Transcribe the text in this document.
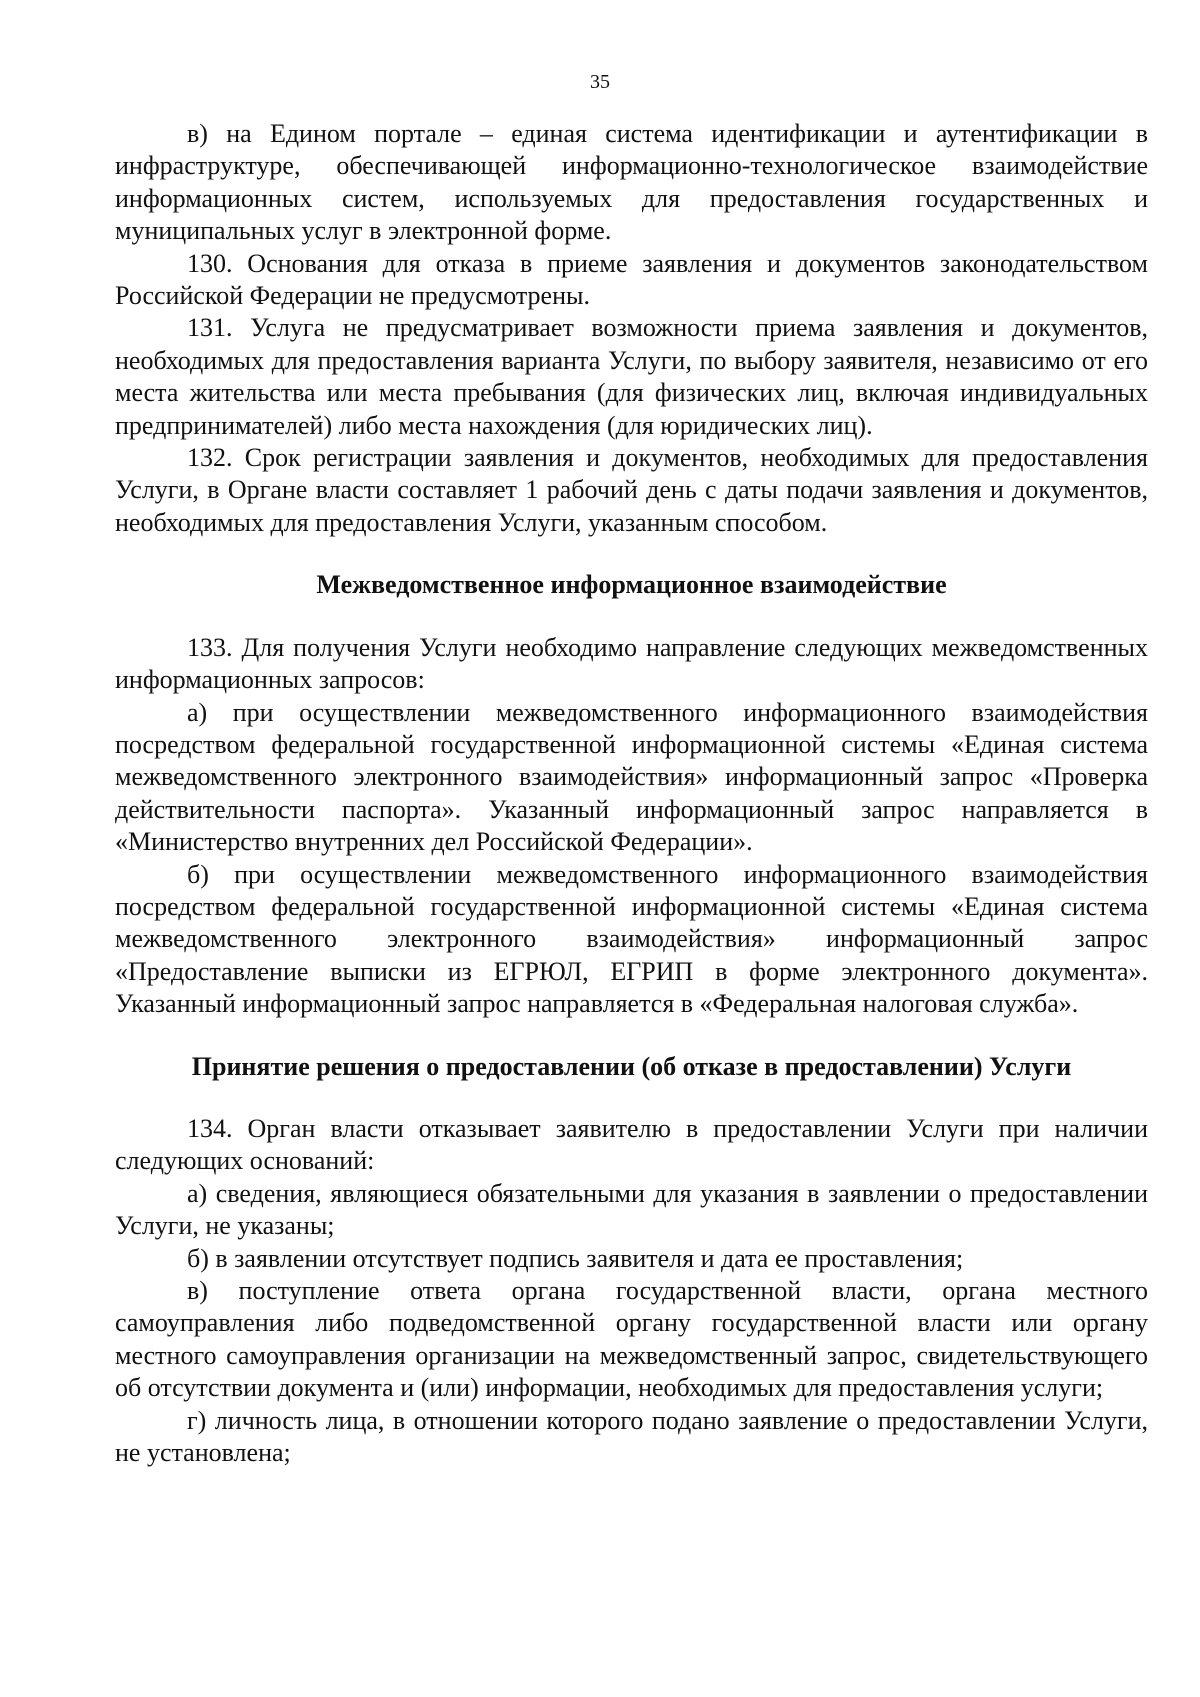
35

в) на Едином портале – единая система идентификации и аутентификации в инфраструктуре, обеспечивающей информационно-технологическое взаимодействие информационных систем, используемых для предоставления государственных и муниципальных услуг в электронной форме.

130. Основания для отказа в приеме заявления и документов законодательством Российской Федерации не предусмотрены.

131. Услуга не предусматривает возможности приема заявления и документов, необходимых для предоставления варианта Услуги, по выбору заявителя, независимо от его места жительства или места пребывания (для физических лиц, включая индивидуальных предпринимателей) либо места нахождения (для юридических лиц).

132. Срок регистрации заявления и документов, необходимых для предоставления Услуги, в Органе власти составляет 1 рабочий день с даты подачи заявления и документов, необходимых для предоставления Услуги, указанным способом.

Межведомственное информационное взаимодействие

133. Для получения Услуги необходимо направление следующих межведомственных информационных запросов:

а) при осуществлении межведомственного информационного взаимодействия посредством федеральной государственной информационной системы «Единая система межведомственного электронного взаимодействия» информационный запрос «Проверка действительности паспорта». Указанный информационный запрос направляется в «Министерство внутренних дел Российской Федерации».

б) при осуществлении межведомственного информационного взаимодействия посредством федеральной государственной информационной системы «Единая система межведомственного электронного взаимодействия» информационный запрос «Предоставление выписки из ЕГРЮЛ, ЕГРИП в форме электронного документа». Указанный информационный запрос направляется в «Федеральная налоговая служба».

Принятие решения о предоставлении (об отказе в предоставлении) Услуги

134. Орган власти отказывает заявителю в предоставлении Услуги при наличии следующих оснований:

а) сведения, являющиеся обязательными для указания в заявлении о предоставлении Услуги, не указаны;

б) в заявлении отсутствует подпись заявителя и дата ее проставления;

в) поступление ответа органа государственной власти, органа местного самоуправления либо подведомственной органу государственной власти или органу местного самоуправления организации на межведомственный запрос, свидетельствующего об отсутствии документа и (или) информации, необходимых для предоставления услуги;

г) личность лица, в отношении которого подано заявление о предоставлении Услуги, не установлена;
